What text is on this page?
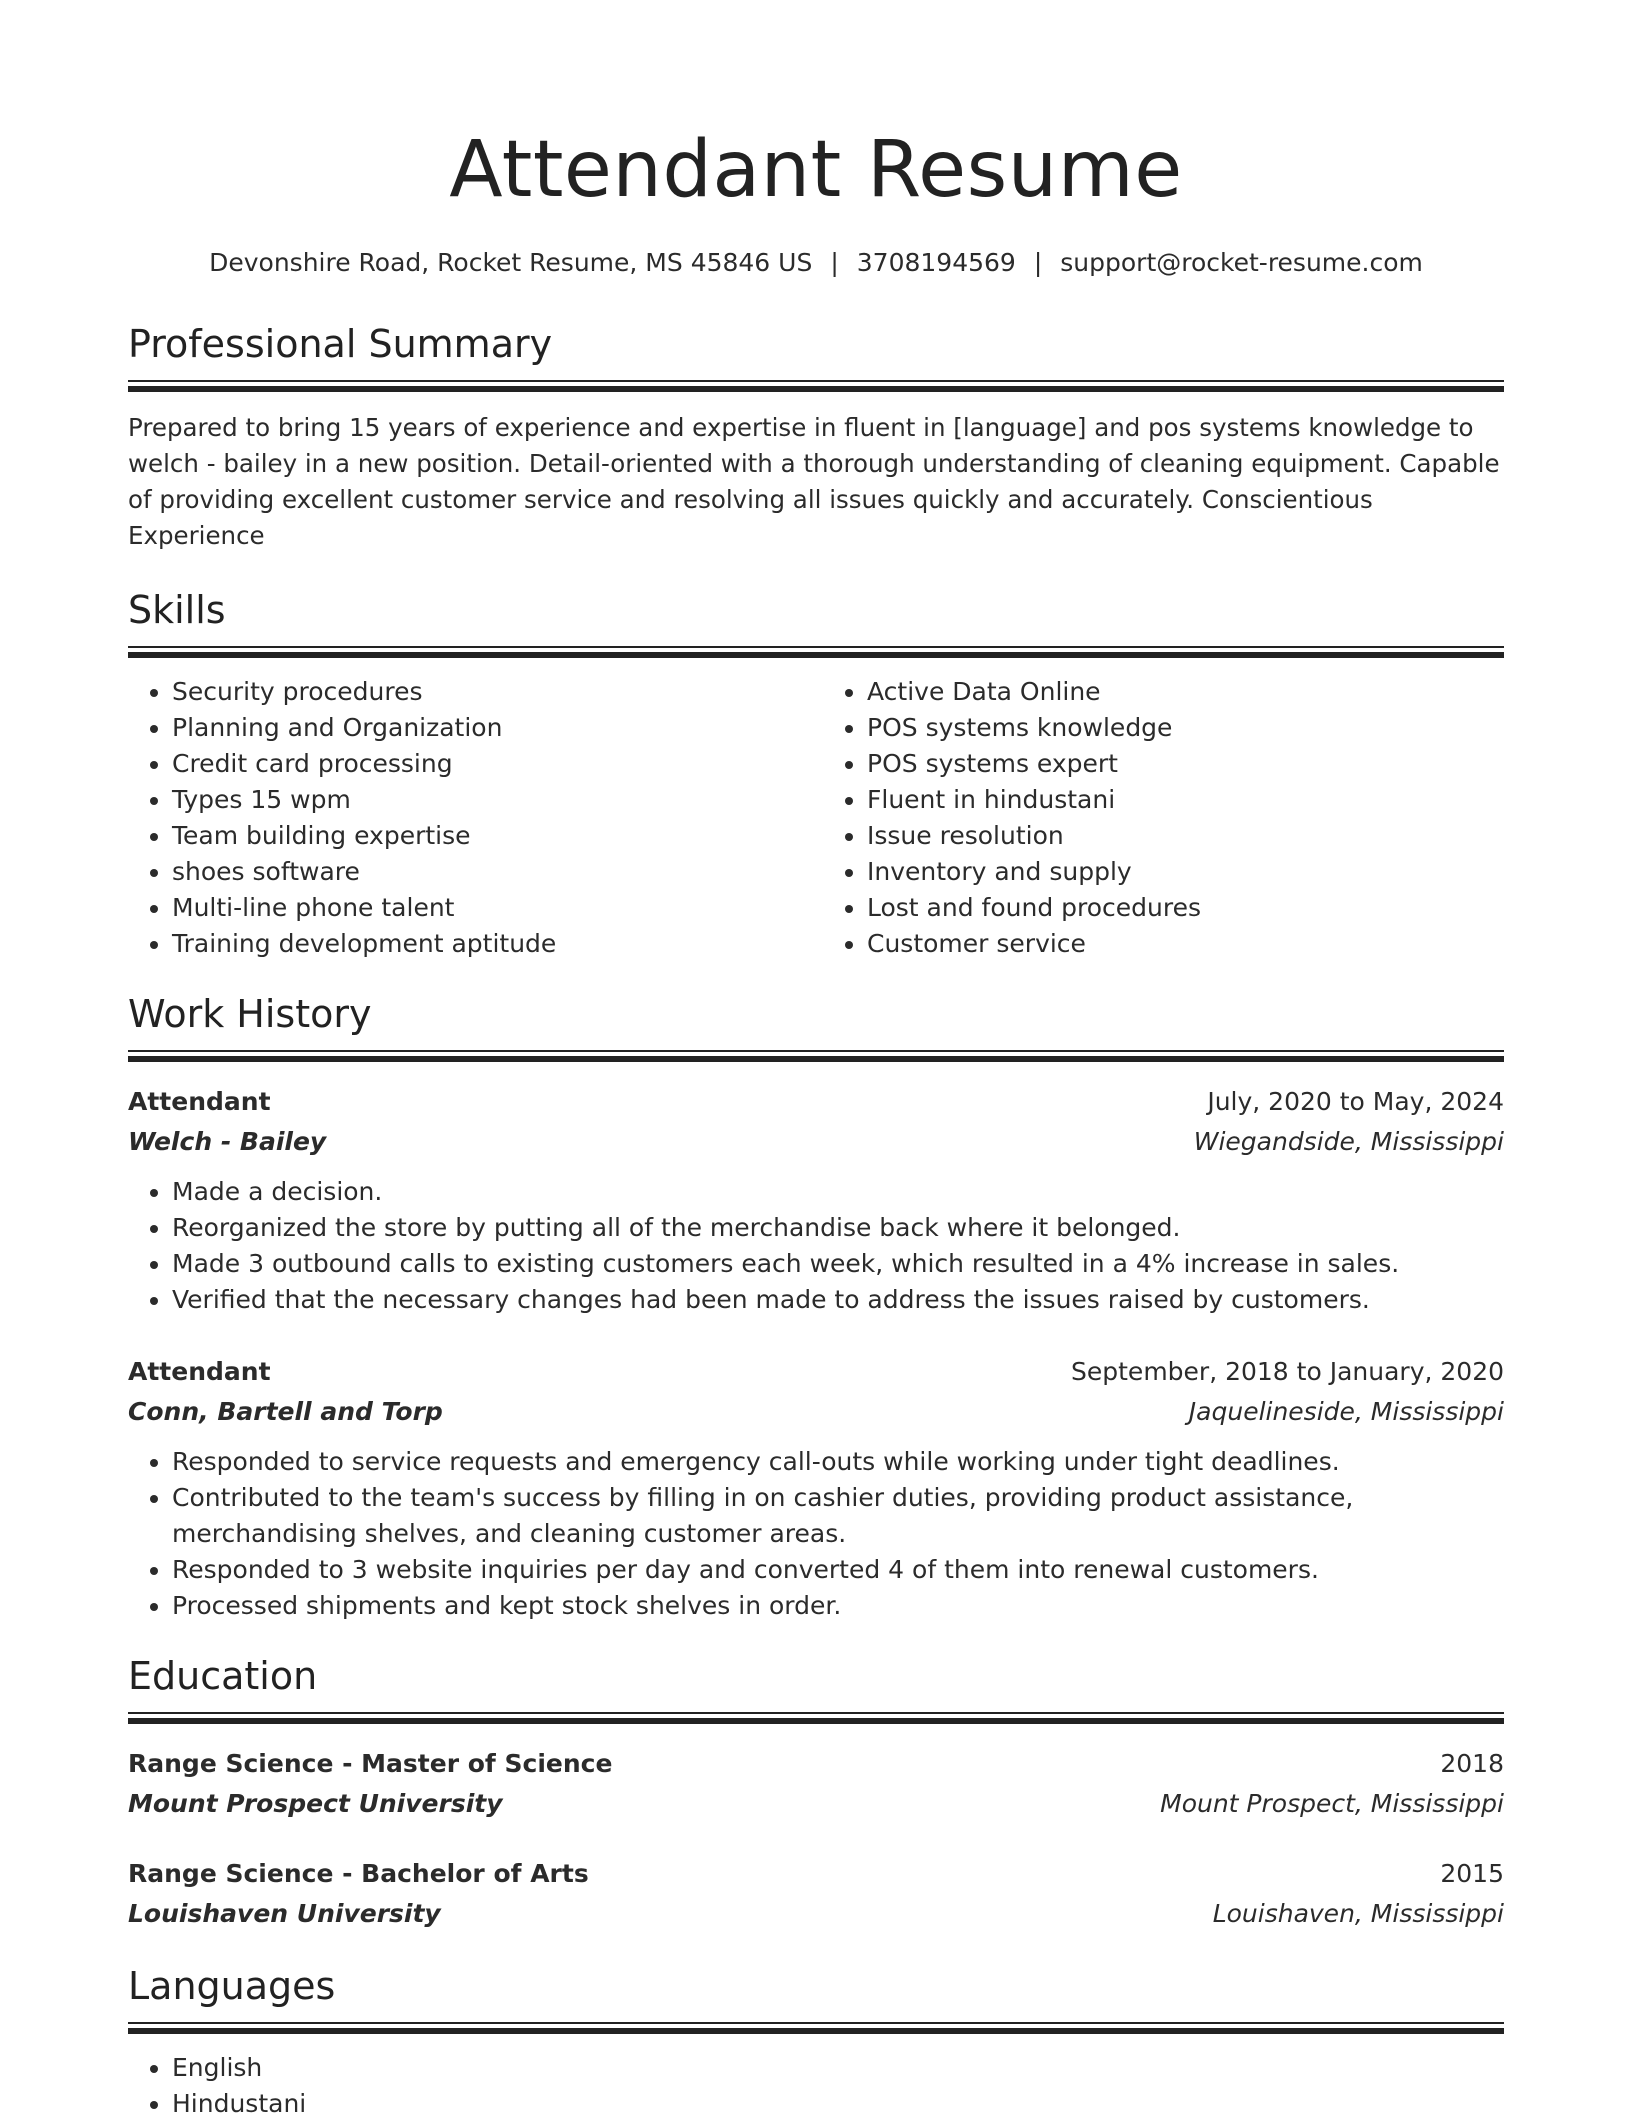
Attendant Resume
Devonshire Road, Rocket Resume, MS 45846 US | 3708194569 | support@rocket-resume.com
Professional Summary
Prepared to bring 15 years of experience and expertise in fluent in [language] and pos systems knowledge to welch - bailey in a new position. Detail-oriented with a thorough understanding of cleaning equipment. Capable of providing excellent customer service and resolving all issues quickly and accurately. Conscientious Experience
Skills
• Security procedures
• Planning and Organization
• Credit card processing
• Types 15 wpm
• Team building expertise
• shoes software
• Multi-line phone talent
• Training development aptitude
• Active Data Online
• POS systems knowledge
• POS systems expert
• Fluent in hindustani
• Issue resolution
• Inventory and supply
• Lost and found procedures
• Customer service
Work History
Attendant	July, 2020 to May, 2024
Welch - Bailey	Wiegandside, Mississippi
• Made a decision.
• Reorganized the store by putting all of the merchandise back where it belonged.
• Made 3 outbound calls to existing customers each week, which resulted in a 4% increase in sales.
• Verified that the necessary changes had been made to address the issues raised by customers.
Attendant	September, 2018 to January, 2020
Conn, Bartell and Torp	Jaquelineside, Mississippi
• Responded to service requests and emergency call-outs while working under tight deadlines.
• Contributed to the team's success by filling in on cashier duties, providing product assistance, merchandising shelves, and cleaning customer areas.
• Responded to 3 website inquiries per day and converted 4 of them into renewal customers.
• Processed shipments and kept stock shelves in order.
Education
Range Science - Master of Science	2018
Mount Prospect University	Mount Prospect, Mississippi
Range Science - Bachelor of Arts	2015
Louishaven University	Louishaven, Mississippi
Languages
• English
• Hindustani
